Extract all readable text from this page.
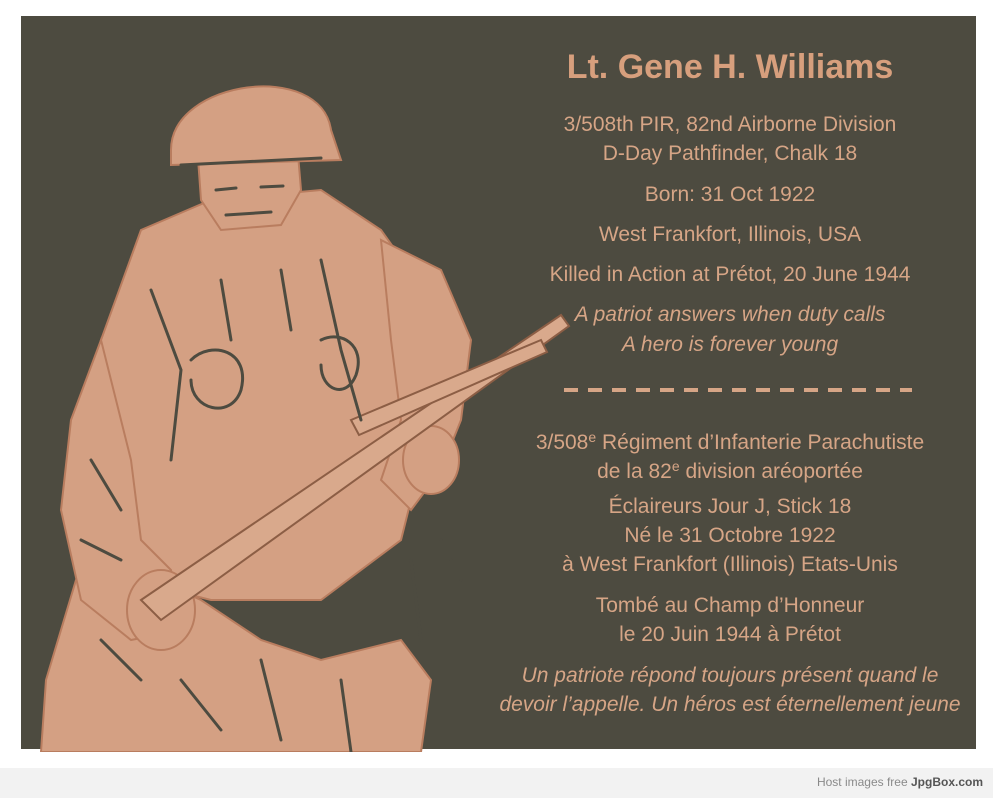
Lt. Gene H. Williams
3/508th PIR, 82nd Airborne Division
D-Day Pathfinder, Chalk 18
Born: 31 Oct 1922
West Frankfort, Illinois, USA
Killed in Action at Prétot, 20 June 1944
A patriot answers when duty calls
A hero is forever young
3/508e Régiment d’Infanterie Parachutiste
de la 82e division aréoportée
Éclaireurs Jour J, Stick 18
Né le 31 Octobre 1922
à West Frankfort (Illinois) Etats-Unis
Tombé au Champ d’Honneur
le 20 Juin 1944 à Prétot
Un patriote répond toujours présent quand le
devoir l’appelle. Un héros est éternellement jeune
Host images free JpgBox.com
